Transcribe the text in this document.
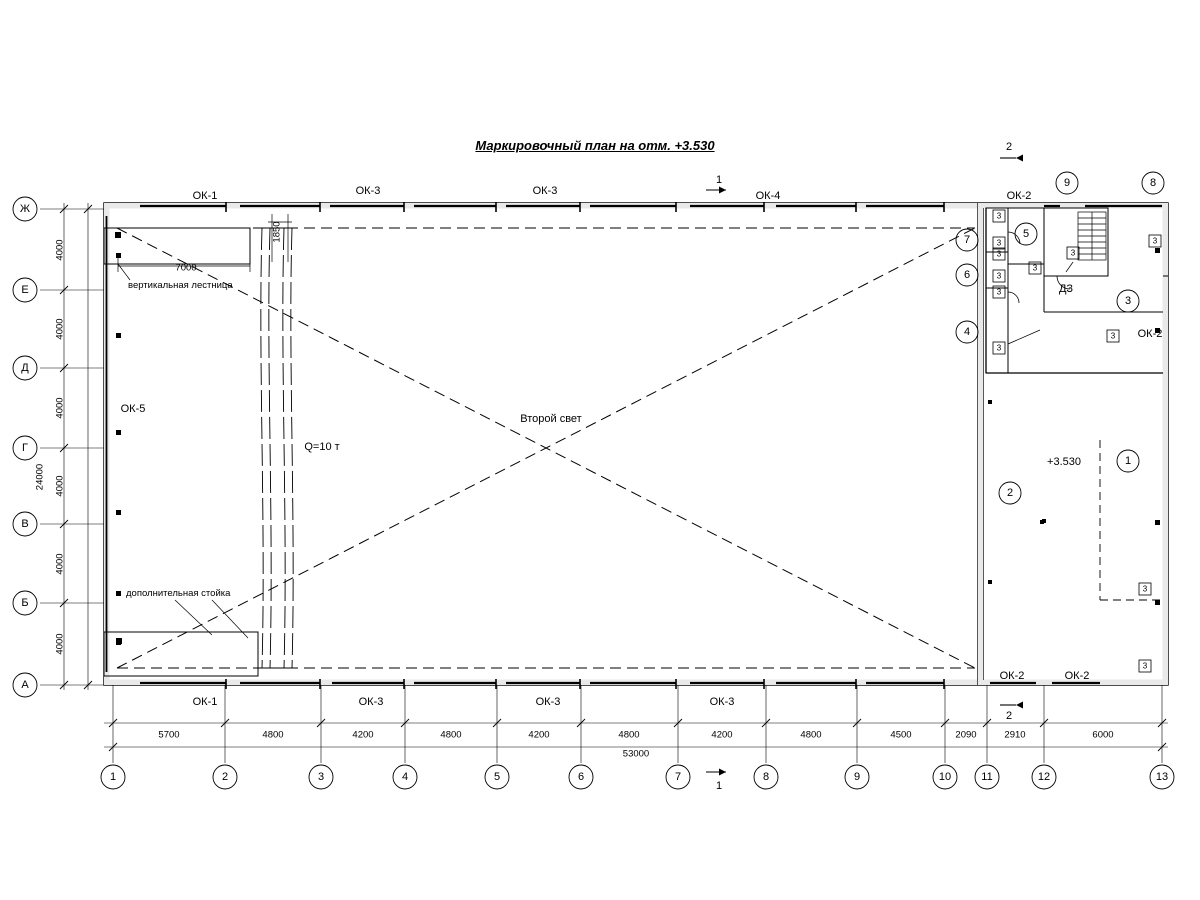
Маркировочный план на отм. +3.530
ОК-1	ОК-3	ОК-3	ОК-4	ОК-2
ОК-1	ОК-3	ОК-3	ОК-3
ОК-2	ОК-2
ОК-5
ОК-2
вертикальная лестница
дополнительная стойка
7000
1850
Второй свет
Q=10 т
+3.530
ДЗ
1
2
3
4
5
6
7
8
9
3
3
3
3
3
3
3
3
3
3
3
3
1
1
2
2
Ж
Е
Д
Г
В
Б
А
1	2	3	4	5	6	7	8	9	10	11	12	13
5700	4800	4200	4800	4200	4800	4200	4800	4500	2090	2910	6000
53000
4000
4000
4000
4000
4000
4000
24000
